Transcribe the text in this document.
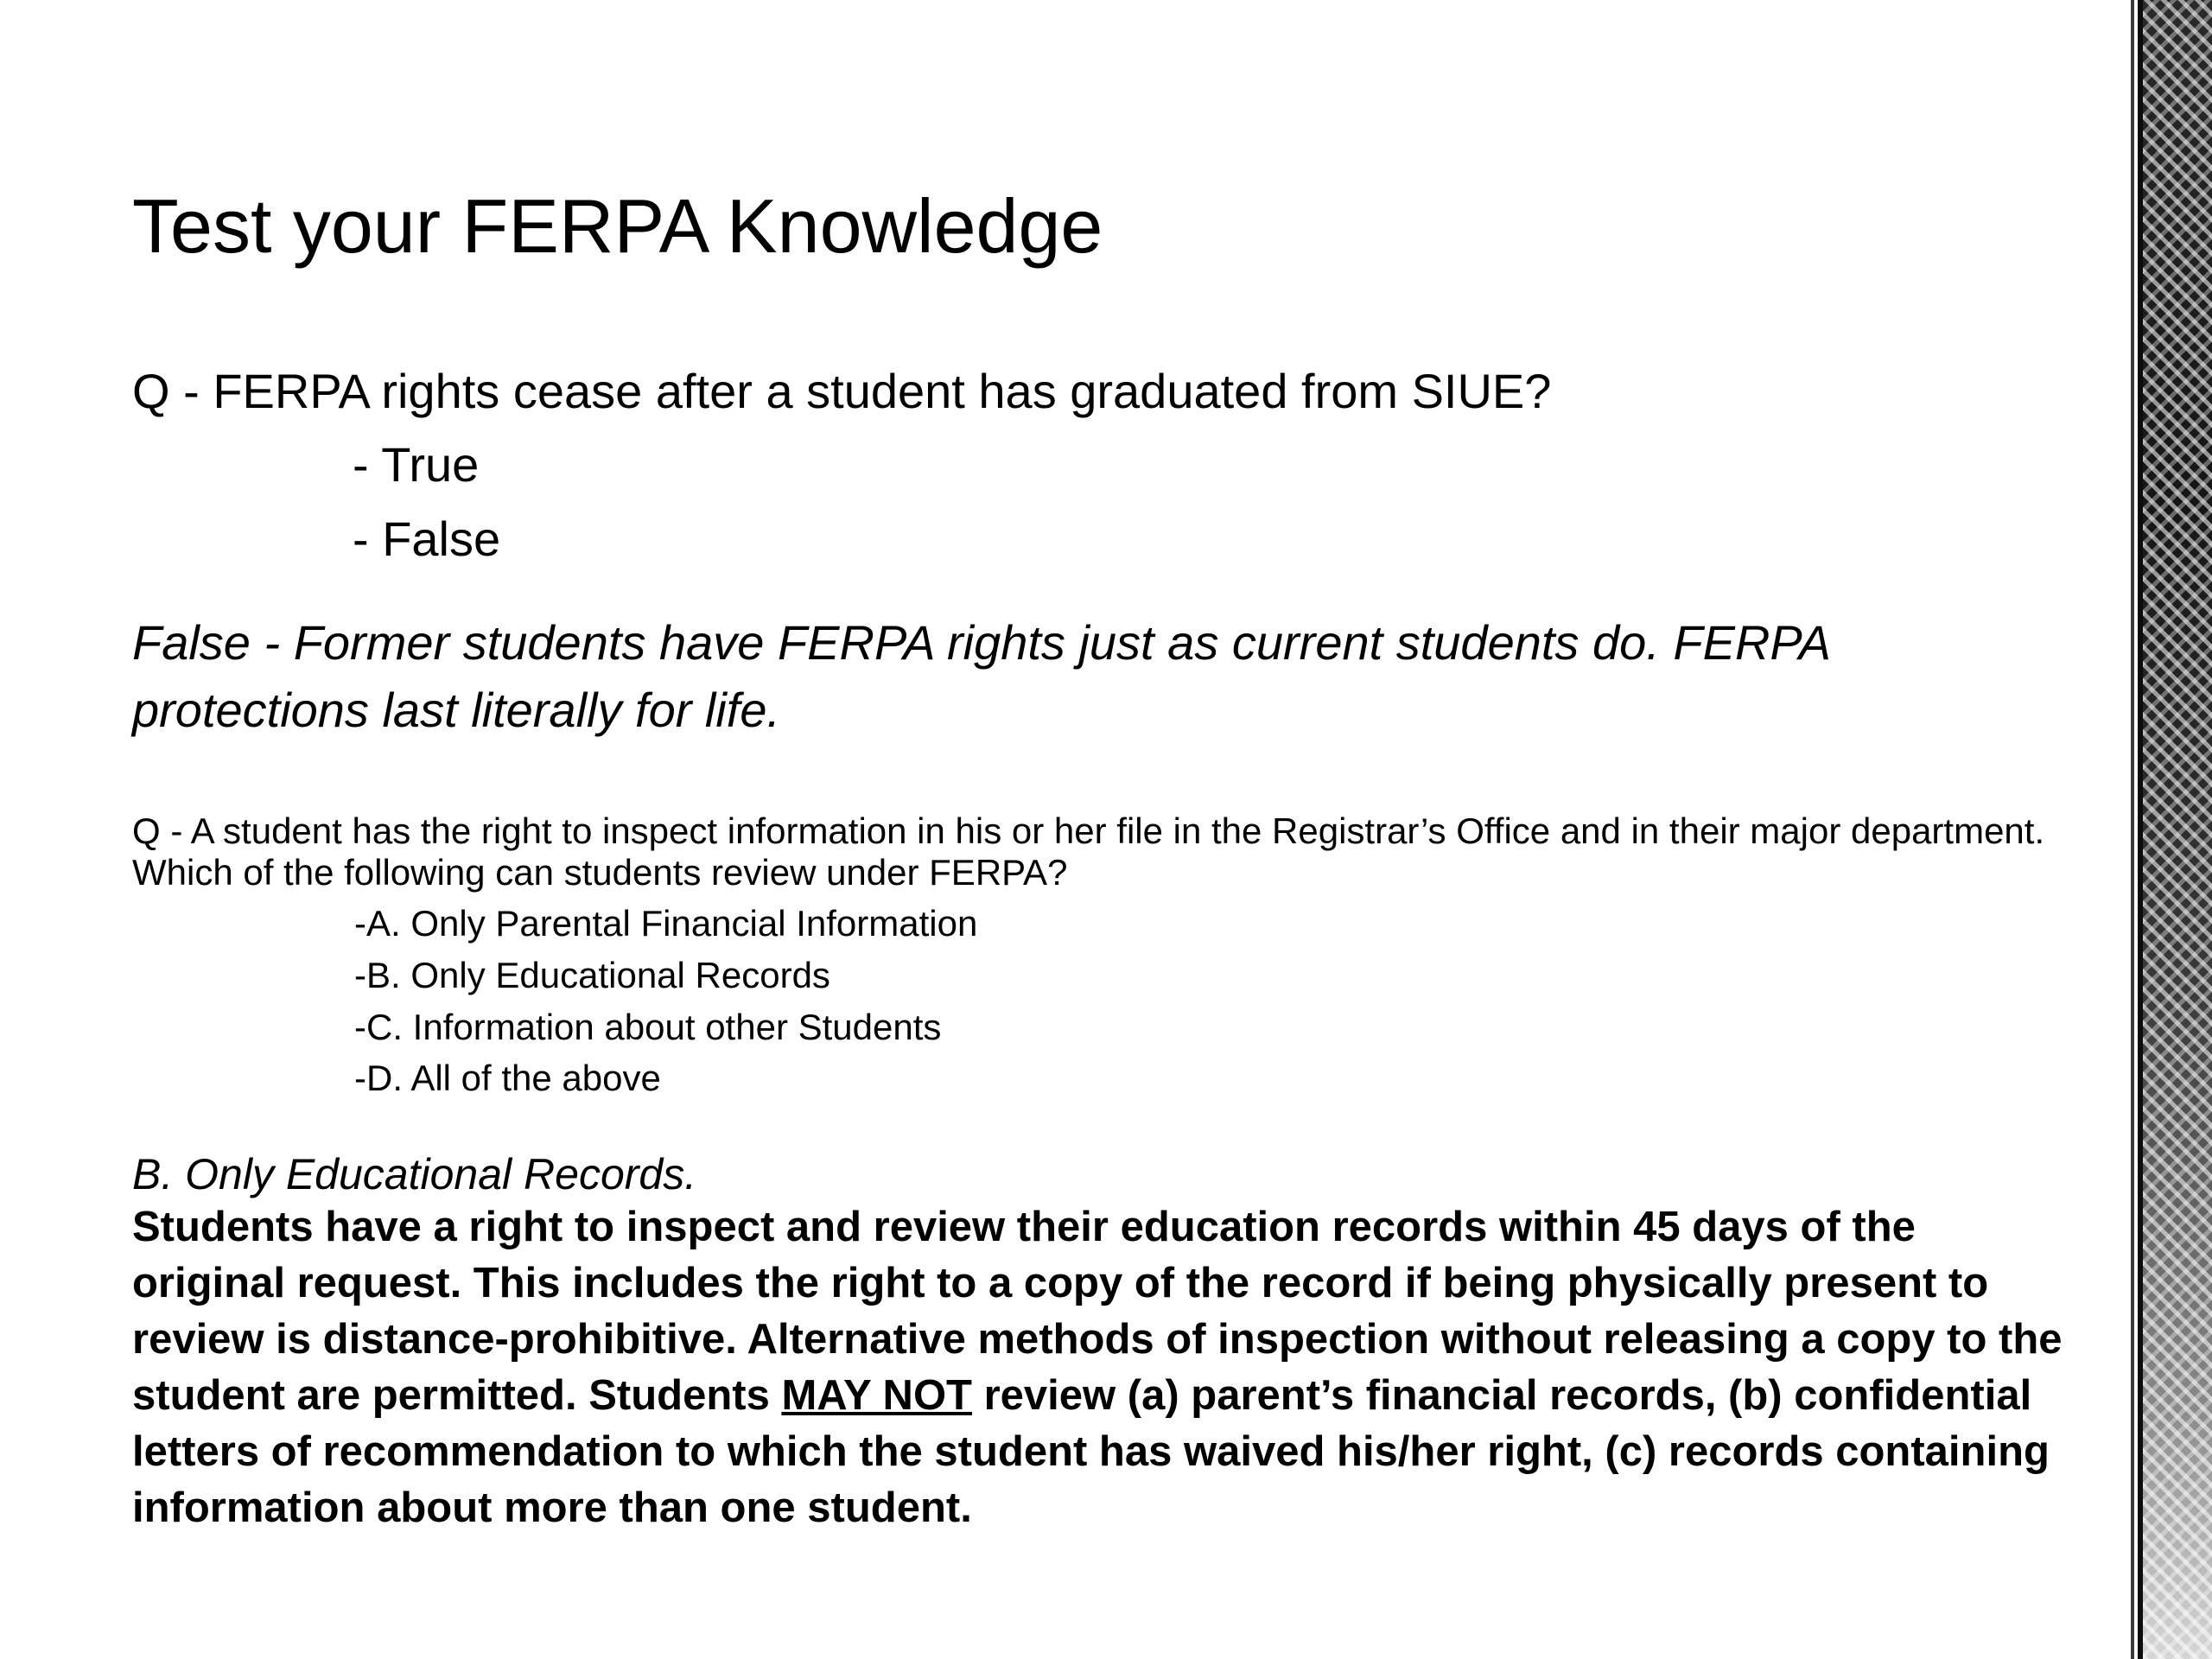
Test your FERPA Knowledge
Q - FERPA rights cease after a student has graduated from SIUE?
- True
- False
False - Former students have FERPA rights just as current students do. FERPA protections last literally for life.
Q - A student has the right to inspect information in his or her file in the Registrar’s Office and in their major department. Which of the following can students review under FERPA?
-A. Only Parental Financial Information
-B. Only Educational Records
-C. Information about other Students
-D. All of the above
B. Only Educational Records.
Students have a right to inspect and review their education records within 45 days of the original request. This includes the right to a copy of the record if being physically present to review is distance-prohibitive. Alternative methods of inspection without releasing a copy to the student are permitted. Students MAY NOT review (a) parent’s financial records, (b) confidential letters of recommendation to which the student has waived his/her right, (c) records containing information about more than one student.
